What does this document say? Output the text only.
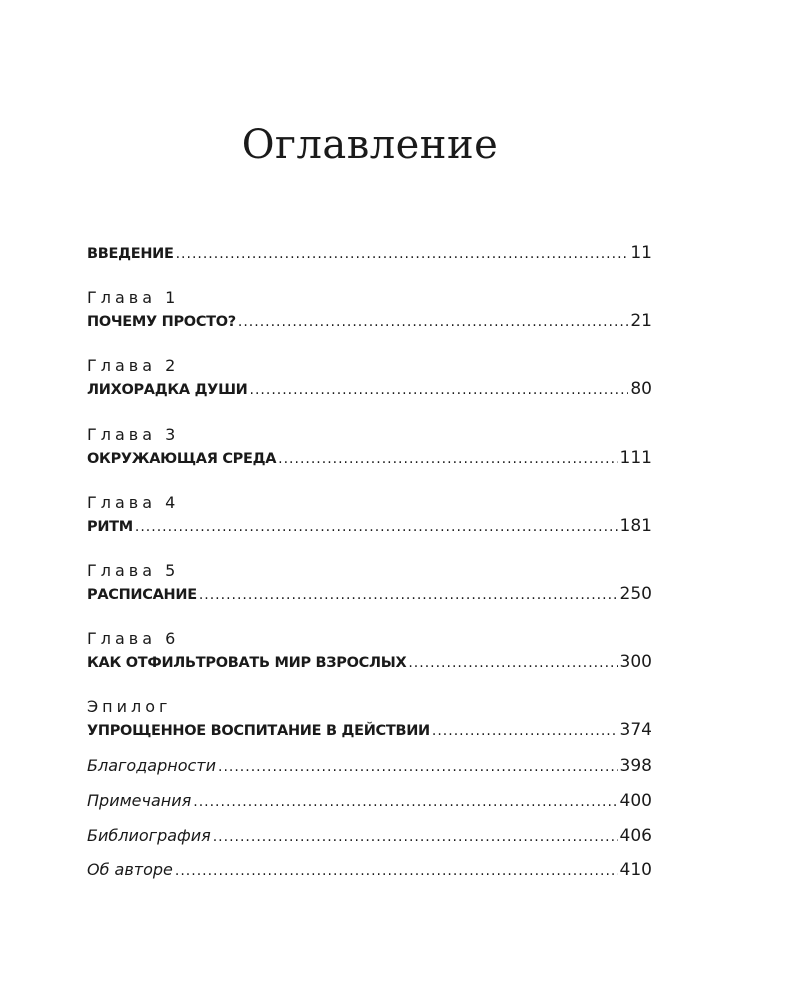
Оглавление
ВВЕДЕНИЕ .....	11
Глава 1
ПОЧЕМУ ПРОСТО? .....	21
Глава 2
ЛИХОРАДКА ДУШИ .....	80
Глава 3
ОКРУЖАЮЩАЯ СРЕДА .....	111
Глава 4
РИТМ .....	181
Глава 5
РАСПИСАНИЕ .....	250
Глава 6
КАК ОТФИЛЬТРОВАТЬ МИР ВЗРОСЛЫХ .....	300
Эпилог
УПРОЩЕННОЕ ВОСПИТАНИЕ В ДЕЙСТВИИ .....	374
Благодарности .....	398
Примечания .....	400
Библиография .....	406
Об авторе .....	410
